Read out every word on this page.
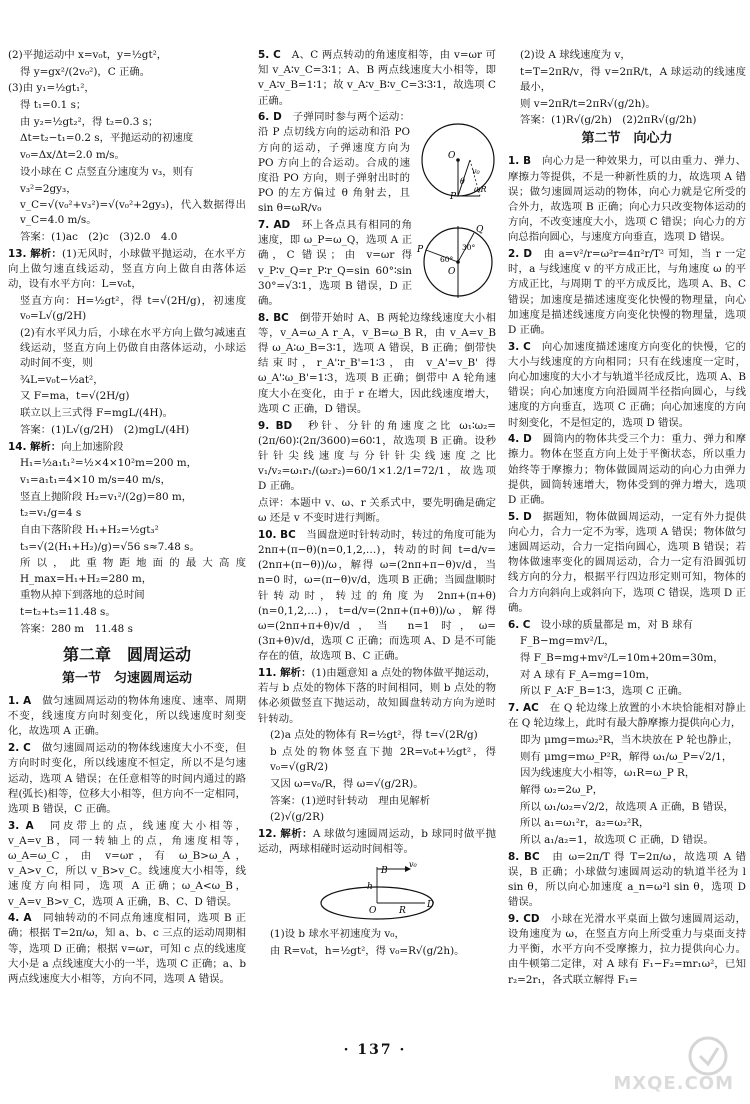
(2)平抛运动中 x=v₀t，y=½gt²，

得 y=gx²/(2v₀²)，C 正确。

(3)由 y₁=½gt₁²，

得 t₁=0.1 s；

由 y₂=½gt₂²，得 t₂=0.3 s；

Δt=t₂−t₁=0.2 s，平抛运动的初速度

v₀=Δx/Δt=2.0 m/s。

设小球在 C 点竖直分速度为 v₃，则有

v₃²=2gy₃，

v_C=√(v₀²+v₃²)=√(v₀²+2gy₃)，代入数据得出 v_C=4.0 m/s。

答案：(1)ac　(2)c　(3)2.0　4.0

13. 解析：(1)无风时，小球做平抛运动，在水平方向上做匀速直线运动，竖直方向上做自由落体运动，设有水平方向：L=v₀t，

竖直方向：H=½gt²，得 t=√(2H/g)，初速度 v₀=L√(g/2H)

(2)有水平风力后，小球在水平方向上做匀减速直线运动，竖直方向上仍做自由落体运动，小球运动时间不变，则

¾L=v₀t−½at²，

又 F=ma，t=√(2H/g)

联立以上三式得 F=mgL/(4H)。

答案：(1)L√(g/2H)　(2)mgL/(4H)

14. 解析：向上加速阶段

H₁=½a₁t₁²=½×4×10²m=200 m，

v₁=a₁t₁=4×10 m/s=40 m/s，

竖直上抛阶段 H₂=v₁²/(2g)=80 m，

t₂=v₁/g=4 s

自由下落阶段 H₁+H₂=½gt₃²

t₃=√(2(H₁+H₂)/g)=√56 s≈7.48 s。

所以，此重物距地面的最大高度 H_max=H₁+H₂=280 m，

重物从掉下到落地的总时间

t=t₂+t₃=11.48 s。

答案：280 m　11.48 s

第二章　圆周运动
第一节　匀速圆周运动

1. A　做匀速圆周运动的物体角速度、速率、周期不变，线速度方向时刻变化，所以线速度时刻变化，故选项 A 正确。

2. C　做匀速圆周运动的物体线速度大小不变，但方向时时变化，所以线速度不恒定，所以不是匀速运动，选项 A 错误；在任意相等的时间内通过的路程(弧长)相等，位移大小相等，但方向不一定相同，选项 B 错误，C 正确。

3. A　同皮带上的点，线速度大小相等，v_A=v_B，同一转轴上的点，角速度相等，ω_A=ω_C，由 v=ωr，有 ω_B>ω_A，v_A>v_C，所以 v_B>v_C。线速度大小相等，线速度方向相同，选项 A 正确；ω_A<ω_B，v_A=v_B>v_C，选项 A 正确，B、C、D 错误。

4. A　同轴转动的不同点角速度相同，选项 B 正确；根据 T=2π/ω，知 a、b、c 三点的运动周期相等，选项 D 正确；根据 v=ωr，可知 c 点的线速度大小是 a 点线速度大小的一半，选项 C 正确；a、b 两点线速度大小相等，方向不同，选项 A 错误。

5. C　A、C 两点转动的角速度相等，由 v=ωr 可知 v_A∶v_C=3∶1；A、B 两点线速度大小相等，即 v_A∶v_B=1∶1；故 v_A∶v_B∶v_C=3∶3∶1，故选项 C 正确。

O
P
v₀
θ
ωR

6. D　子弹同时参与两个运动：沿 P 点切线方向的运动和沿 PO 方向的运动，子弹速度方向为 PO 方向上的合运动。合成的速度沿 PO 方向，则子弹射出时的 PO 的左方偏过 θ 角射去，且 sin θ=ωR/v₀

O
P
Q
60°
30°

7. AD　环上各点具有相同的角速度，即 ω_P=ω_Q，选项 A 正确，C 错误；由 v=ωr 得 v_P∶v_Q=r_P∶r_Q=sin 60°∶sin 30°=√3∶1，选项 B 错误，D 正确。

8. BC　倒带开始时 A、B 两轮边缘线速度大小相等，v_A=ω_A r_A，v_B=ω_B R，由 v_A=v_B 得 ω_A∶ω_B=3∶1，选项 A 错误，B 正确；倒带快结束时，r_A'∶r_B'=1∶3，由 v_A'=v_B' 得 ω_A'∶ω_B'=1∶3，选项 B 正确；倒带中 A 轮角速度大小在变化，由于 r 在增大，因此线速度增大，选项 C 正确，D 错误。

9. BD　秒针、分针的角速度之比 ω₁∶ω₂=(2π/60)∶(2π/3600)=60∶1，故选项 B 正确。设秒针针尖线速度与分针针尖线速度之比 v₁/v₂=ω₁r₁/(ω₂r₂)=60/1×1.2/1=72/1，故选项 D 正确。

点评：本题中 v、ω、r 关系式中，要先明确是确定 ω 还是 v 不变时进行判断。

10. BC　当圆盘逆时针转动时，转过的角度可能为 2nπ+(π−θ)(n=0,1,2,…)，转动的时间 t=d/v=(2nπ+(π−θ))/ω，解得 ω=(2nπ+π−θ)v/d，当 n=0 时，ω=(π−θ)v/d，选项 B 正确；当圆盘顺时针转动时，转过的角度为 2nπ+(π+θ)(n=0,1,2,…)，t=d/v=(2nπ+(π+θ))/ω，解得 ω=(2nπ+π+θ)v/d，当 n=1 时，ω=(3π+θ)v/d，选项 C 正确；而选项 A、D 是不可能存在的值，故选项 B、C 正确。

11. 解析：(1)由题意知 a 点处的物体做平抛运动，若与 b 点处的物体下落的时间相同，则 b 点处的物体必须做竖直下抛运动，故知圆盘转动方向为逆时针转动。

(2)a 点处的物体有 R=½gt²，得 t=√(2R/g)

b 点处的物体竖直下抛 2R=v₀t+½gt²，得 v₀=√(gR/2)

又因 ω=v₀/R，得 ω=√(g/2R)。

答案：(1)逆时针转动　理由见解析

(2)√(g/2R)

12. 解析：A 球做匀速圆周运动，b 球同时做平抛运动，两球相碰时运动时间相等。

B
v₀
h
O	R
D

(1)设 b 球水平初速度为 v₀，

由 R=v₀t，h=½gt²，得 v₀=R√(g/2h)。

(2)设 A 球线速度为 v，

t=T=2πR/v，得 v=2πR/t，A 球运动的线速度最小，

则 v=2πR/t=2πR√(g/2h)。

答案：(1)R√(g/2h)　(2)2πR√(g/2h)

第二节　向心力

1. B　向心力是一种效果力，可以由重力、弹力、摩擦力等提供，不是一种新性质的力，故选项 A 错误；做匀速圆周运动的物体，向心力就是它所受的合外力，故选项 B 正确；向心力只改变物体运动的方向，不改变速度大小，选项 C 错误；向心力的方向总指向圆心，与速度方向垂直，选项 D 错误。

2. D　由 a=v²/r=ω²r=4π²r/T² 可知，当 r 一定时，a 与线速度 v 的平方成正比，与角速度 ω 的平方成正比，与周期 T 的平方成反比，选项 A、B、C 错误；加速度是描述速度变化快慢的物理量，向心加速度是描述线速度方向变化快慢的物理量，选项 D 正确。

3. C　向心加速度描述速度方向变化的快慢，它的大小与线速度的方向相同；只有在线速度一定时，向心加速度的大小才与轨道半径成反比，选项 A、B 错误；向心加速度方向沿圆周半径指向圆心，与线速度的方向垂直，选项 C 正确；向心加速度的方向时刻变化，不是恒定的，选项 D 错误。

4. D　圆筒内的物体共受三个力：重力、弹力和摩擦力。物体在竖直方向上处于平衡状态，所以重力始终等于摩擦力；物体做圆周运动的向心力由弹力提供，圆筒转速增大，物体受到的弹力增大，选项 D 正确。

5. D　据题知，物体做圆周运动，一定有外力提供向心力，合力一定不为零，选项 A 错误；物体做匀速圆周运动，合力一定指向圆心，选项 B 错误；若物体做速率变化的圆周运动，合力一定有沿圆弧切线方向的分力，根据平行四边形定则可知，物体的合力方向斜向上或斜向下，选项 C 错误，选项 D 正确。

6. C　设小球的质量都是 m，对 B 球有

F_B−mg=mv²/L，

得 F_B=mg+mv²/L=10m+20m=30m，

对 A 球有 F_A=mg=10m，

所以 F_A∶F_B=1∶3，选项 C 正确。

7. AC　在 Q 轮边缘上放置的小木块恰能相对静止在 Q 轮边缘上，此时有最大静摩擦力提供向心力，

即为 μmg=mω₂²R，当木块放在 P 轮也静止，

则有 μmg=mω_P²R，解得 ω₁/ω_P=√2/1，

因为线速度大小相等，ω₁R=ω_P R，

解得 ω₂=2ω_P，

所以 ω₁/ω₂=√2/2，故选项 A 正确，B 错误，

所以 a₁=ω₁²r，a₂=ω₂²R，

所以 a₁/a₂=1，故选项 C 正确，D 错误。

8. BC　由 ω=2π/T 得 T=2π/ω，故选项 A 错误，B 正确；小球做匀速圆周运动的轨道半径为 l sin θ，所以向心加速度 a_n=ω²l sin θ，选项 D 错误。

9. CD　小球在光滑水平桌面上做匀速圆周运动，设角速度为 ω，在竖直方向上所受重力与桌面支持力平衡，水平方向不受摩擦力，拉力提供向心力。由牛顿第二定律，对 A 球有 F₁−F₂=mr₁ω²，已知 r₂=2r₁，各式联立解得 F₁=

· 137 ·
MXQE.COM
